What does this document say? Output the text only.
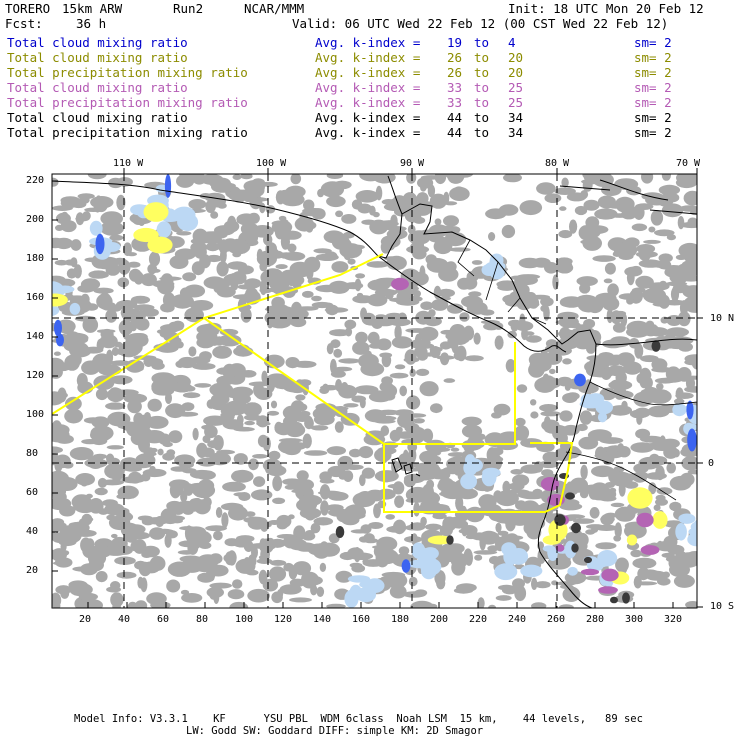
TORERO 15km ARW	Run2	NCAR/MMM	Init: 18 UTC Mon 20 Feb 12
Fcst:	36 h	Valid: 06 UTC Wed 22 Feb 12 (00 CST Wed 22 Feb 12)
Total cloud mixing ratio	Avg. k-index = 19 to 4	sm= 2
Total cloud mixing ratio	Avg. k-index = 26 to 20	sm= 2
Total precipitation mixing ratio	Avg. k-index = 26 to 20	sm= 2
Total cloud mixing ratio	Avg. k-index = 33 to 25	sm= 2
Total precipitation mixing ratio	Avg. k-index = 33 to 25	sm= 2
Total cloud mixing ratio	Avg. k-index = 44 to 34	sm= 2
Total precipitation mixing ratio	Avg. k-index = 44 to 34	sm= 2
220
200
180
160
140
120
100
80
60
40
20
20	40	60	80	100 120 140 160 180 200 220 240 260 280 300 320
110 W	100 W	90 W	80 W	70 W
10 N
0
10 S
Model Info: V3.3.1    KF      YSU PBL  WDM 6class  Noah LSM  15 km,    44 levels,   89 sec
LW: Godd SW: Goddard DIFF: simple KM: 2D Smagor
